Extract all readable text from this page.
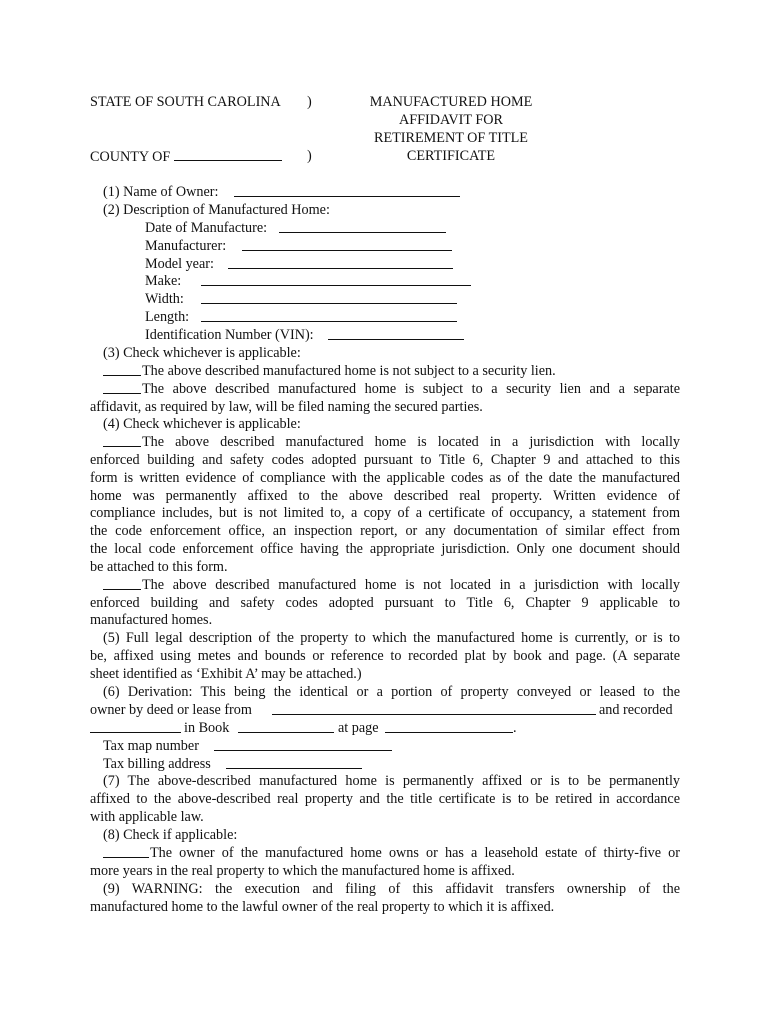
STATE OF SOUTH CAROLINA )
COUNTY OF	)
MANUFACTURED HOME
AFFIDAVIT FOR
RETIREMENT OF TITLE
CERTIFICATE
(1) Name of Owner:
(2) Description of Manufactured Home:
Date of Manufacture:
Manufacturer:
Model year:
Make:
Width:
Length:
Identification Number (VIN):
(3) Check whichever is applicable:
The above described manufactured home is not subject to a security lien.
The above described manufactured home is subject to a security lien and a separate
affidavit, as required by law, will be filed naming the secured parties.
(4) Check whichever is applicable:
The above described manufactured home is located in a jurisdiction with locally
enforced building and safety codes adopted pursuant to Title 6, Chapter 9 and attached to this
form is written evidence of compliance with the applicable codes as of the date the manufactured
home was permanently affixed to the above described real property. Written evidence of
compliance includes, but is not limited to, a copy of a certificate of occupancy, a statement from
the code enforcement office, an inspection report, or any documentation of similar effect from
the local code enforcement office having the appropriate jurisdiction. Only one document should
be attached to this form.
The above described manufactured home is not located in a jurisdiction with locally
enforced building and safety codes adopted pursuant to Title 6, Chapter 9 applicable to
manufactured homes.
(5) Full legal description of the property to which the manufactured home is currently, or is to
be, affixed using metes and bounds or reference to recorded plat by book and page. (A separate
sheet identified as ‘Exhibit A’ may be attached.)
(6) Derivation: This being the identical or a portion of property conveyed or leased to the
owner by deed or lease from	and recorded
in Book	at page	.
Tax map number
Tax billing address
(7) The above-described manufactured home is permanently affixed or is to be permanently
affixed to the above-described real property and the title certificate is to be retired in accordance
with applicable law.
(8) Check if applicable:
The owner of the manufactured home owns or has a leasehold estate of thirty-five or
more years in the real property to which the manufactured home is affixed.
(9) WARNING: the execution and filing of this affidavit transfers ownership of the
manufactured home to the lawful owner of the real property to which it is affixed.
